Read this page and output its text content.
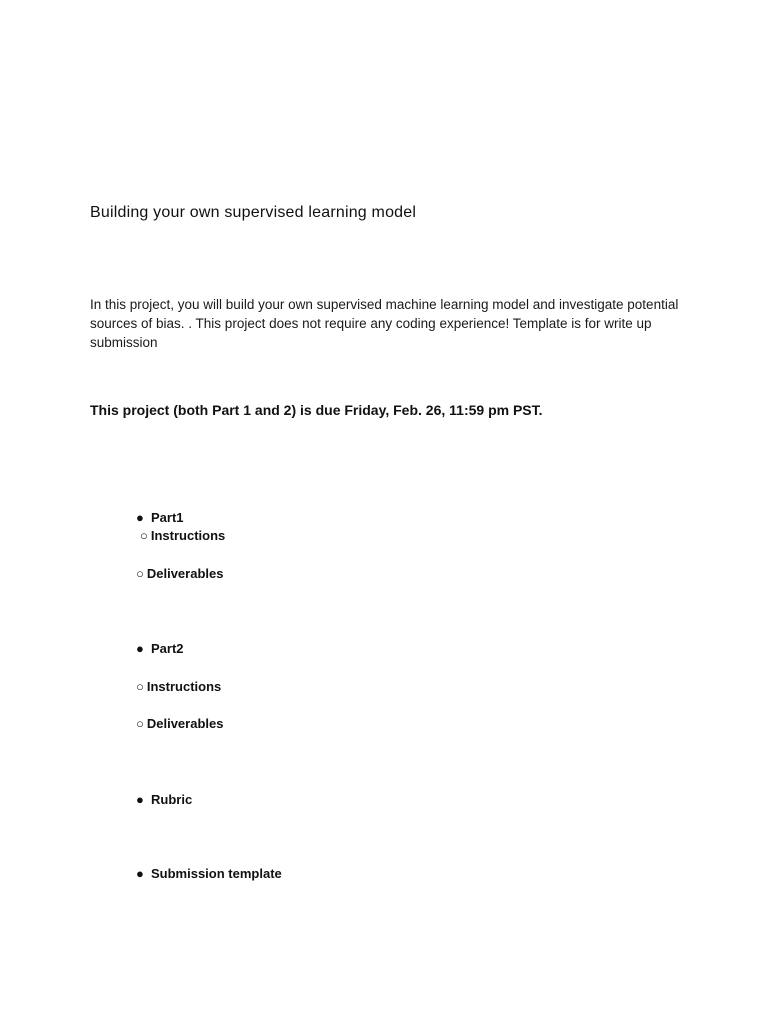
Building your own supervised learning model
In this project, you will build your own supervised machine learning model and investigate potential sources of bias. . This project does not require any coding experience! Template is for write up submission
This project (both Part 1 and 2) is due Friday, Feb. 26, 11:59 pm PST.
● Part1
○ Instructions
○ Deliverables
● Part2
○ Instructions
○ Deliverables
● Rubric
● Submission template
